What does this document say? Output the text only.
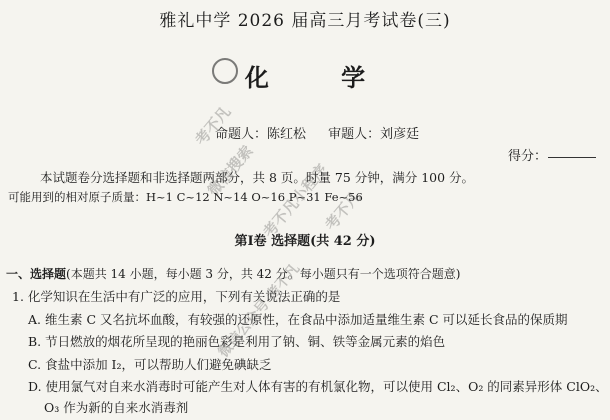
雅礼中学 2026 届高三月考试卷(三)
化 学
命题人：陈红松 审题人：刘彦廷
得分：
本试题卷分选择题和非选择题两部分，共 8 页。时量 75 分钟，满分 100 分。
可能用到的相对原子质量：H~1 C~12 N~14 O~16 P~31 Fe~56
第Ⅰ卷 选择题(共 42 分)
一、选择题(本题共 14 小题，每小题 3 分，共 42 分。每小题只有一个选项符合题意)
1. 化学知识在生活中有广泛的应用，下列有关说法正确的是
A. 维生素 C 又名抗坏血酸，有较强的还原性，在食品中添加适量维生素 C 可以延长食品的保质期
B. 节日燃放的烟花所呈现的艳丽色彩是利用了钠、铜、铁等金属元素的焰色
C. 食盐中添加 I₂，可以帮助人们避免碘缺乏
D. 使用氯气对自来水消毒时可能产生对人体有害的有机氯化物，可以使用 Cl₂、O₂ 的同素异形体 ClO₂、
O₃ 作为新的自来水消毒剂
考不凡
微信搜索 考不凡小程序
考不凡
微信公众号 考不凡
